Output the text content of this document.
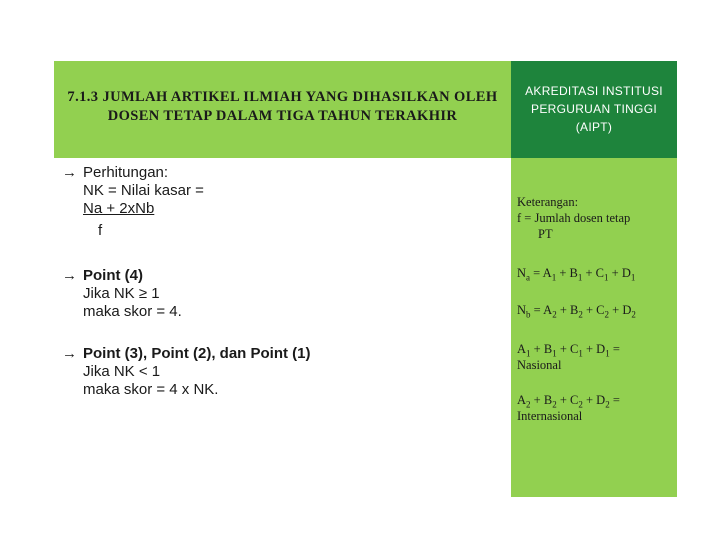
7.1.3 JUMLAH ARTIKEL ILMIAH YANG DIHASILKAN OLEH
DOSEN TETAP DALAM TIGA TAHUN TERAKHIR
AKREDITASI INSTITUSI
PERGURUAN TINGGI
(AIPT)
Keterangan:
f = Jumlah dosen tetap
PT
$N_a = A_1 + B_1 + C_1 + D_1$
$N_b = A_2 + B_2 + C_2 + D_2$
$A_1 + B_1 + C_1 + D_1$ =
Nasional
$A_2 + B_2 + C_2 + D_2$ =
Internasional
→ Perhitungan:
NK = Nilai kasar =
Na + 2xNb
f
→ Point (4)
Jika NK ≥ 1
maka skor = 4.
→ Point (3), Point (2), dan Point (1)
Jika NK < 1
maka skor = 4 x NK.
